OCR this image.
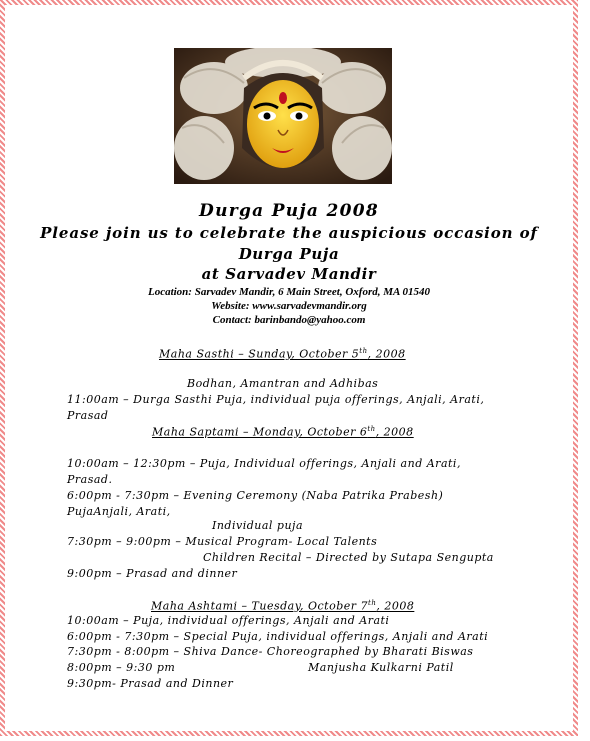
Durga Puja 2008
Please join us to celebrate the auspicious occasion of
Durga Puja
at Sarvadev Mandir
Location: Sarvadev Mandir, 6 Main Street, Oxford, MA 01540
Website: www.sarvadevmandir.org
Contact: barinbando@yahoo.com
Maha Sasthi – Sunday, October 5th, 2008
Bodhan, Amantran and Adhibas
11:00am – Durga Sasthi Puja, individual puja offerings, Anjali, Arati,
Prasad
Maha Saptami – Monday, October 6th, 2008
10:00am – 12:30pm – Puja, Individual offerings, Anjali and Arati,
Prasad.
6:00pm - 7:30pm – Evening Ceremony (Naba Patrika Prabesh)
PujaAnjali, Arati,
Individual puja
7:30pm – 9:00pm – Musical Program- Local Talents
Children Recital – Directed by Sutapa Sengupta
9:00pm – Prasad and dinner
Maha Ashtami – Tuesday, October 7th, 2008
10:00am – Puja, individual offerings, Anjali and Arati
6:00pm - 7:30pm – Special Puja, individual offerings, Anjali and Arati
7:30pm - 8:00pm – Shiva Dance- Choreographed by Bharati Biswas
8:00pm – 9:30 pm	Manjusha Kulkarni Patil
9:30pm- Prasad and Dinner
